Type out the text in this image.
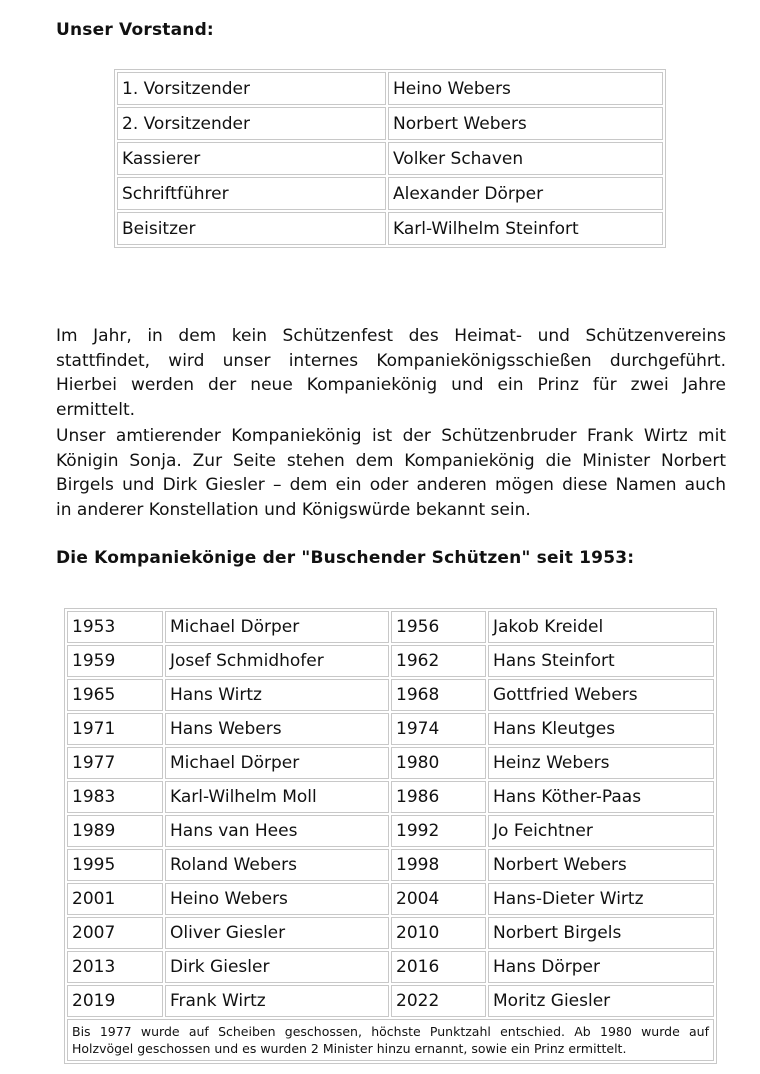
Unser Vorstand:
1. Vorsitzender	Heino Webers
2. Vorsitzender	Norbert Webers
Kassierer	Volker Schaven
Schriftführer	Alexander Dörper
Beisitzer	Karl-Wilhelm Steinfort
Im Jahr, in dem kein Schützenfest des Heimat- und Schützenvereins
stattfindet, wird unser internes Kompaniekönigsschießen durchgeführt.
Hierbei werden der neue Kompaniekönig und ein Prinz für zwei Jahre
ermittelt.
Unser amtierender Kompaniekönig ist der Schützenbruder Frank Wirtz mit
Königin Sonja. Zur Seite stehen dem Kompaniekönig die Minister Norbert
Birgels und Dirk Giesler – dem ein oder anderen mögen diese Namen auch
in anderer Konstellation und Königswürde bekannt sein.
Die Kompaniekönige der "Buschender Schützen" seit 1953:
1953	Michael Dörper	1956	Jakob Kreidel
1959	Josef Schmidhofer	1962	Hans Steinfort
1965	Hans Wirtz	1968	Gottfried Webers
1971	Hans Webers	1974	Hans Kleutges
1977	Michael Dörper	1980	Heinz Webers
1983	Karl-Wilhelm Moll	1986	Hans Köther-Paas
1989	Hans van Hees	1992	Jo Feichtner
1995	Roland Webers	1998	Norbert Webers
2001	Heino Webers	2004	Hans-Dieter Wirtz
2007	Oliver Giesler	2010	Norbert Birgels
2013	Dirk Giesler	2016	Hans Dörper
2019	Frank Wirtz	2022	Moritz Giesler
Bis 1977 wurde auf Scheiben geschossen, höchste Punktzahl entschied. Ab 1980 wurde auf Holzvögel geschossen und es wurden 2 Minister hinzu ernannt, sowie ein Prinz ermittelt.			
